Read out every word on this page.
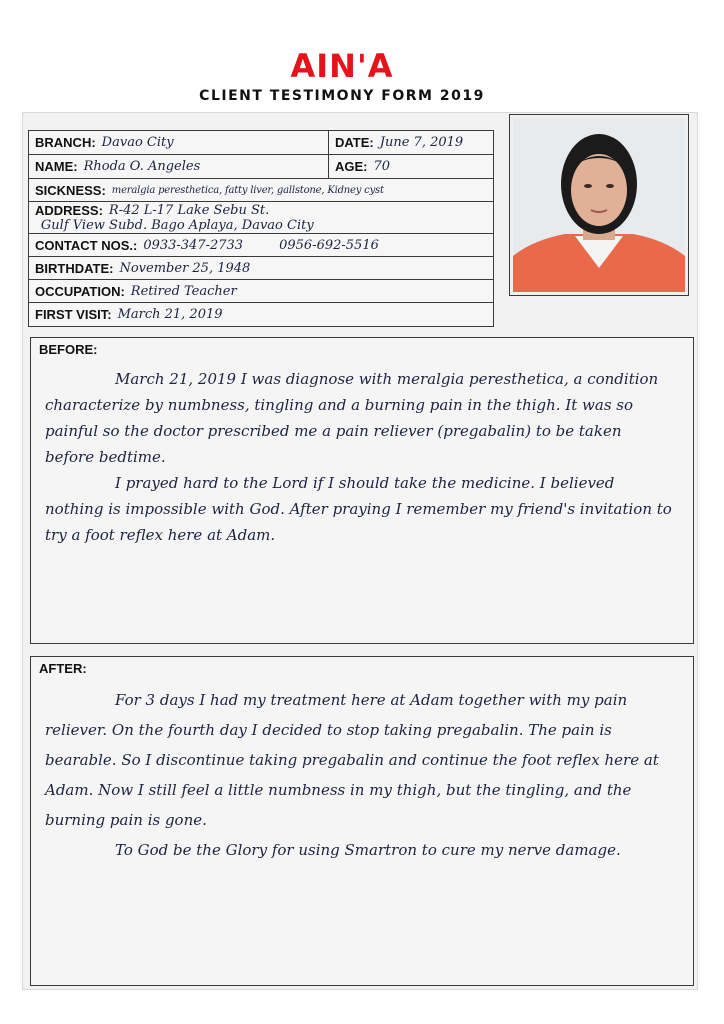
AIN'A
CLIENT TESTIMONY FORM 2019
BRANCH: Davao City	DATE: June 7, 2019
NAME: Rhoda O. Angeles	AGE: 70
SICKNESS: meralgia peresthetica, fatty liver, gallstone, Kidney cyst
ADDRESS: R-42 L-17 Lake Sebu St.
Gulf View Subd. Bago Aplaya, Davao City
CONTACT NOS.: 0933-347-2733	0956-692-5516
BIRTHDATE: November 25, 1948
OCCUPATION: Retired Teacher
FIRST VISIT: March 21, 2019
BEFORE:

March 21, 2019 I was diagnose with meralgia peresthetica, a condition characterize by numbness, tingling and a burning pain in the thigh. It was so painful so the doctor prescribed me a pain reliever (pregabalin) to be taken before bedtime.

I prayed hard to the Lord if I should take the medicine. I believed nothing is impossible with God. After praying I remember my friend's invitation to try a foot reflex here at Adam.

AFTER:

For 3 days I had my treatment here at Adam together with my pain reliever. On the fourth day I decided to stop taking pregabalin. The pain is bearable. So I discontinue taking pregabalin and continue the foot reflex here at Adam. Now I still feel a little numbness in my thigh, but the tingling, and the burning pain is gone.

To God be the Glory for using Smartron to cure my nerve damage.
